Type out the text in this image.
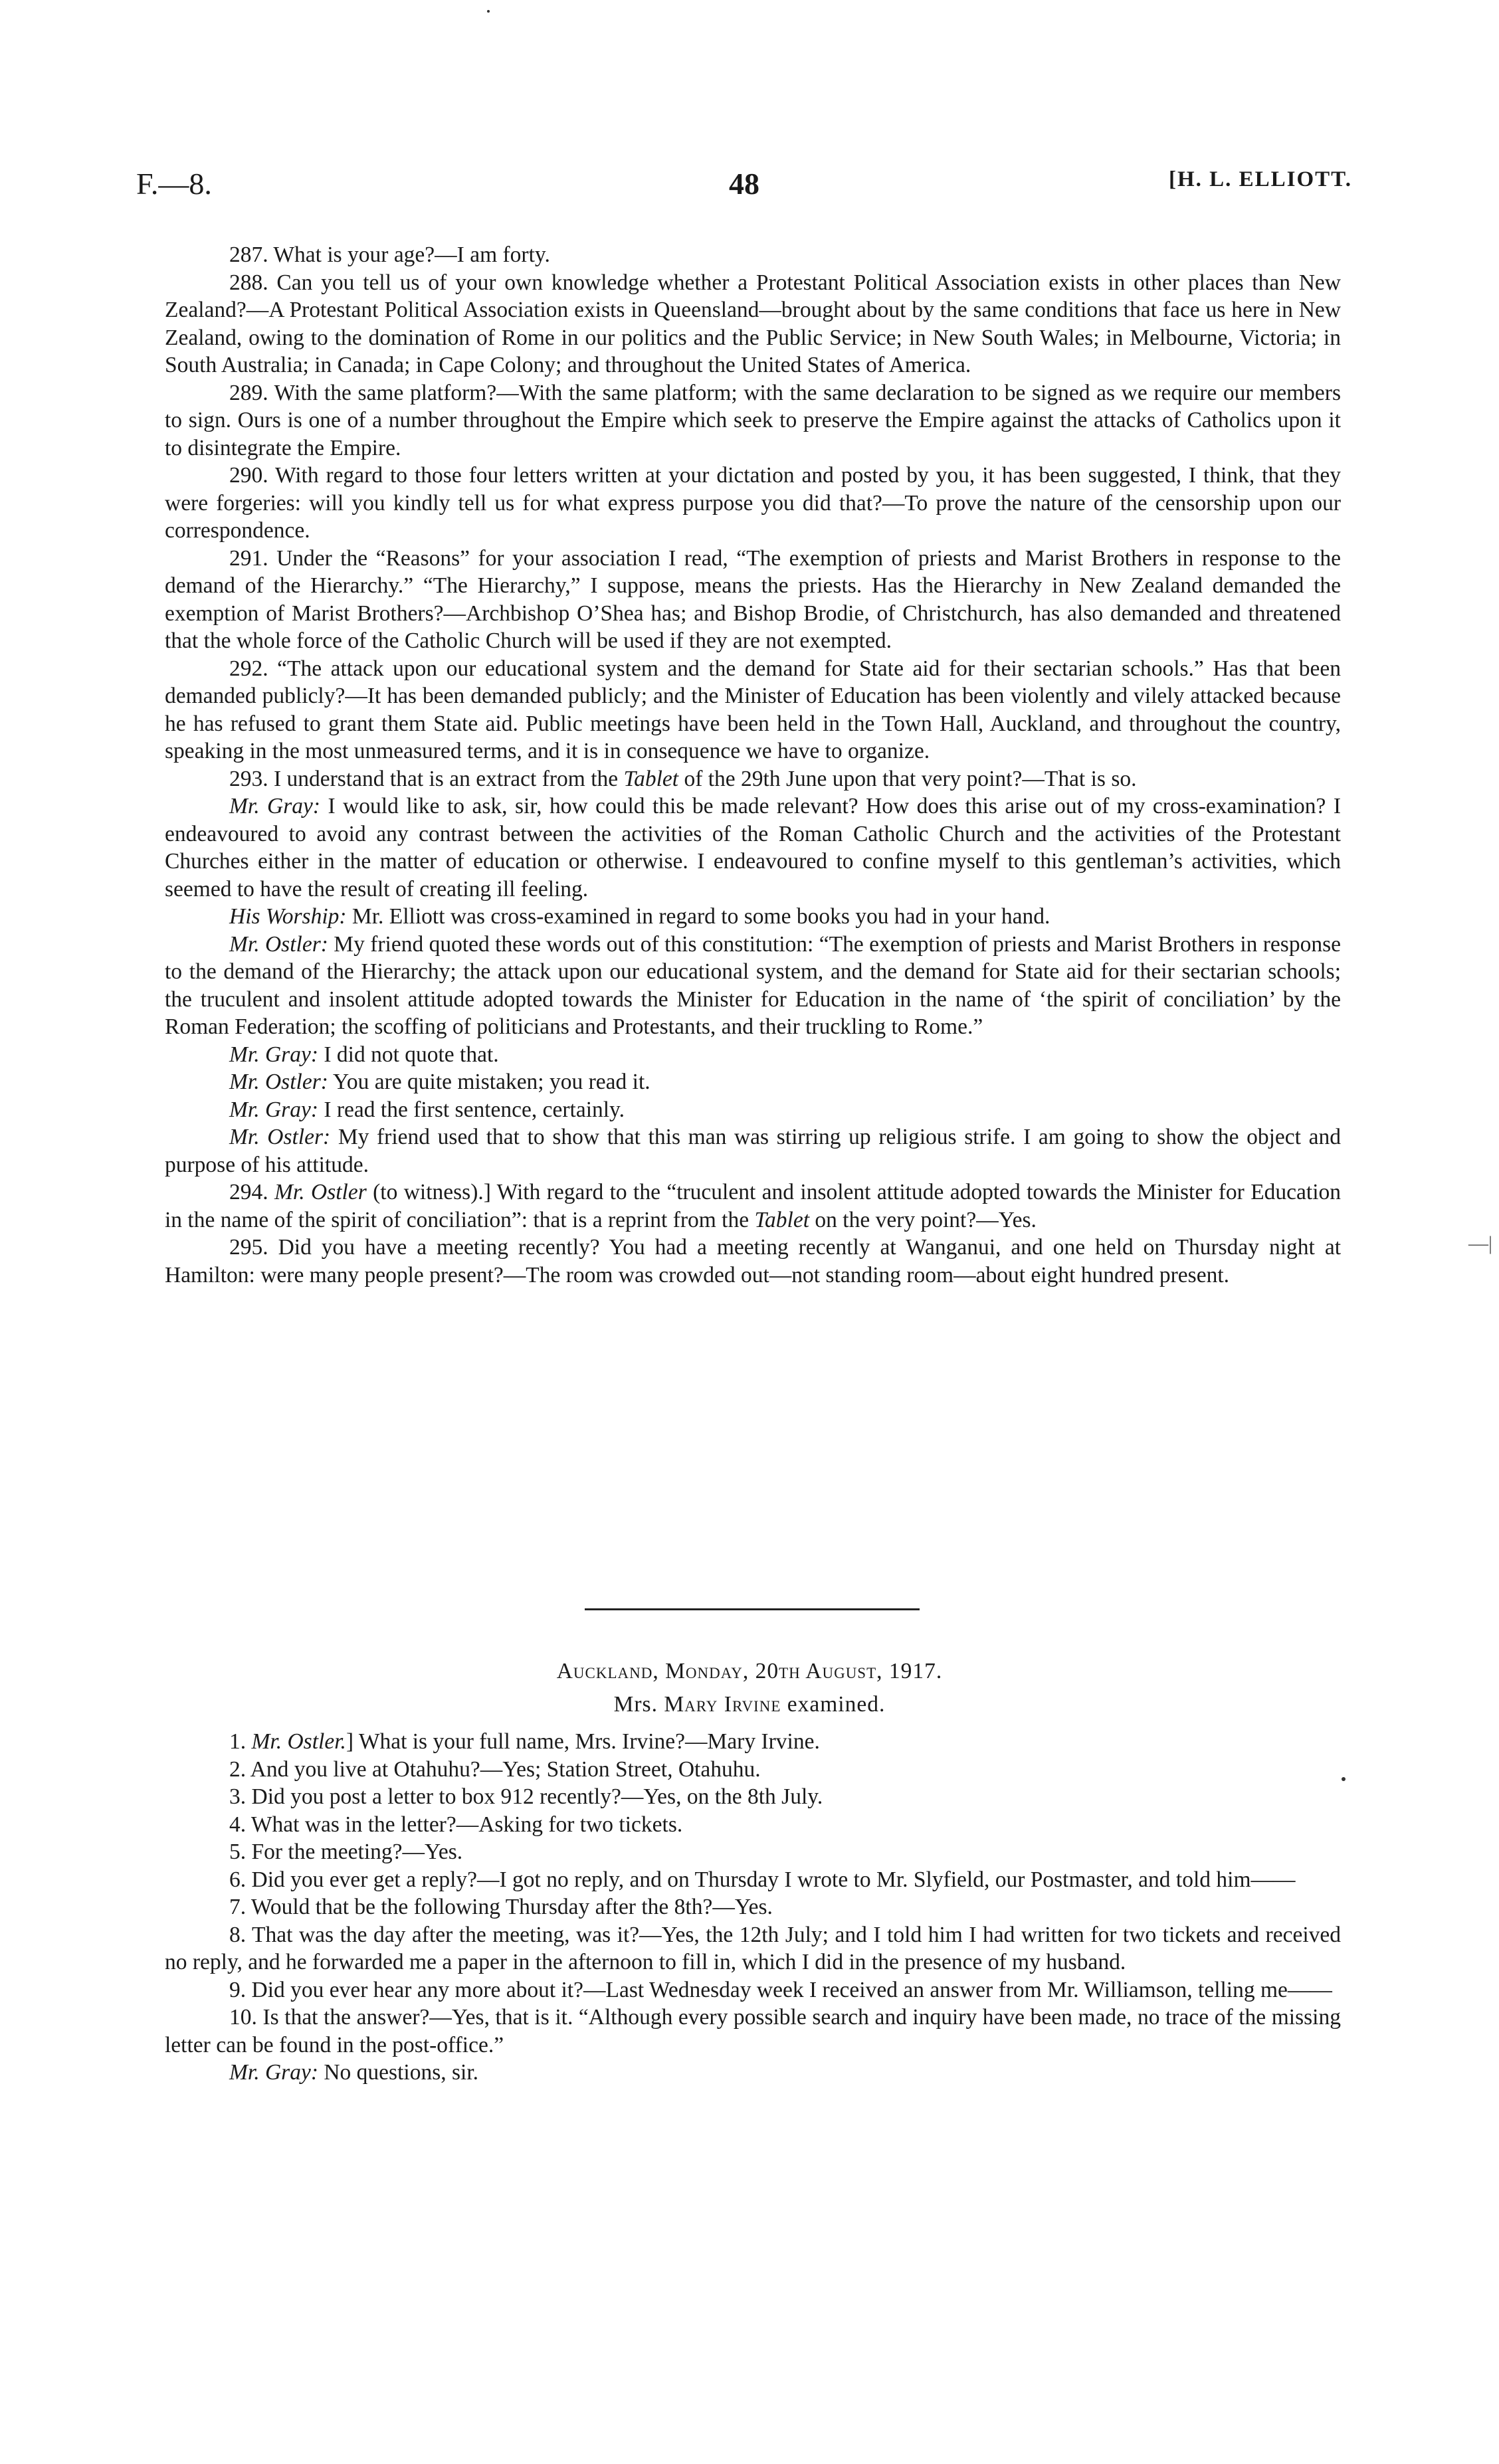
F.—8.	48	[H. L. ELLIOTT.

287. What is your age?—I am forty.

288. Can you tell us of your own knowledge whether a Protestant Political Association exists in other places than New Zealand?—A Protestant Political Association exists in Queensland—brought about by the same conditions that face us here in New Zealand, owing to the domination of Rome in our politics and the Public Service; in New South Wales; in Melbourne, Victoria; in South Australia; in Canada; in Cape Colony; and throughout the United States of America.

289. With the same platform?—With the same platform; with the same declaration to be signed as we require our members to sign. Ours is one of a number throughout the Empire which seek to preserve the Empire against the attacks of Catholics upon it to disintegrate the Empire.

290. With regard to those four letters written at your dictation and posted by you, it has been suggested, I think, that they were forgeries: will you kindly tell us for what express purpose you did that?—To prove the nature of the censorship upon our correspondence.

291. Under the “Reasons” for your association I read, “The exemption of priests and Marist Brothers in response to the demand of the Hierarchy.” “The Hierarchy,” I suppose, means the priests. Has the Hierarchy in New Zealand demanded the exemption of Marist Brothers?—Archbishop O’Shea has; and Bishop Brodie, of Christchurch, has also demanded and threatened that the whole force of the Catholic Church will be used if they are not exempted.

292. “The attack upon our educational system and the demand for State aid for their sectarian schools.” Has that been demanded publicly?—It has been demanded publicly; and the Minister of Education has been violently and vilely attacked because he has refused to grant them State aid. Public meetings have been held in the Town Hall, Auckland, and throughout the country, speaking in the most unmeasured terms, and it is in consequence we have to organize.

293. I understand that is an extract from the Tablet of the 29th June upon that very point?—That is so.

Mr. Gray: I would like to ask, sir, how could this be made relevant? How does this arise out of my cross-examination? I endeavoured to avoid any contrast between the activities of the Roman Catholic Church and the activities of the Protestant Churches either in the matter of education or otherwise. I endeavoured to confine myself to this gentleman’s activities, which seemed to have the result of creating ill feeling.

His Worship: Mr. Elliott was cross-examined in regard to some books you had in your hand.

Mr. Ostler: My friend quoted these words out of this constitution: “The exemption of priests and Marist Brothers in response to the demand of the Hierarchy; the attack upon our educational system, and the demand for State aid for their sectarian schools; the truculent and insolent attitude adopted towards the Minister for Education in the name of ‘the spirit of conciliation’ by the Roman Federation; the scoffing of politicians and Protestants, and their truckling to Rome.”

Mr. Gray: I did not quote that.

Mr. Ostler: You are quite mistaken; you read it.

Mr. Gray: I read the first sentence, certainly.

Mr. Ostler: My friend used that to show that this man was stirring up religious strife. I am going to show the object and purpose of his attitude.

294. Mr. Ostler (to witness).] With regard to the “truculent and insolent attitude adopted towards the Minister for Education in the name of the spirit of conciliation”: that is a reprint from the Tablet on the very point?—Yes.

295. Did you have a meeting recently? You had a meeting recently at Wanganui, and one held on Thursday night at Hamilton: were many people present?—The room was crowded out—not standing room—about eight hundred present.

Auckland, Monday, 20th August, 1917.
Mrs. Mary Irvine examined.

1. Mr. Ostler.] What is your full name, Mrs. Irvine?—Mary Irvine.

2. And you live at Otahuhu?—Yes; Station Street, Otahuhu.

3. Did you post a letter to box 912 recently?—Yes, on the 8th July.

4. What was in the letter?—Asking for two tickets.

5. For the meeting?—Yes.

6. Did you ever get a reply?—I got no reply, and on Thursday I wrote to Mr. Slyfield, our Postmaster, and told him——

7. Would that be the following Thursday after the 8th?—Yes.

8. That was the day after the meeting, was it?—Yes, the 12th July; and I told him I had written for two tickets and received no reply, and he forwarded me a paper in the afternoon to fill in, which I did in the presence of my husband.

9. Did you ever hear any more about it?—Last Wednesday week I received an answer from Mr. Williamson, telling me——

10. Is that the answer?—Yes, that is it. “Although every possible search and inquiry have been made, no trace of the missing letter can be found in the post-office.”

Mr. Gray: No questions, sir.

—|
